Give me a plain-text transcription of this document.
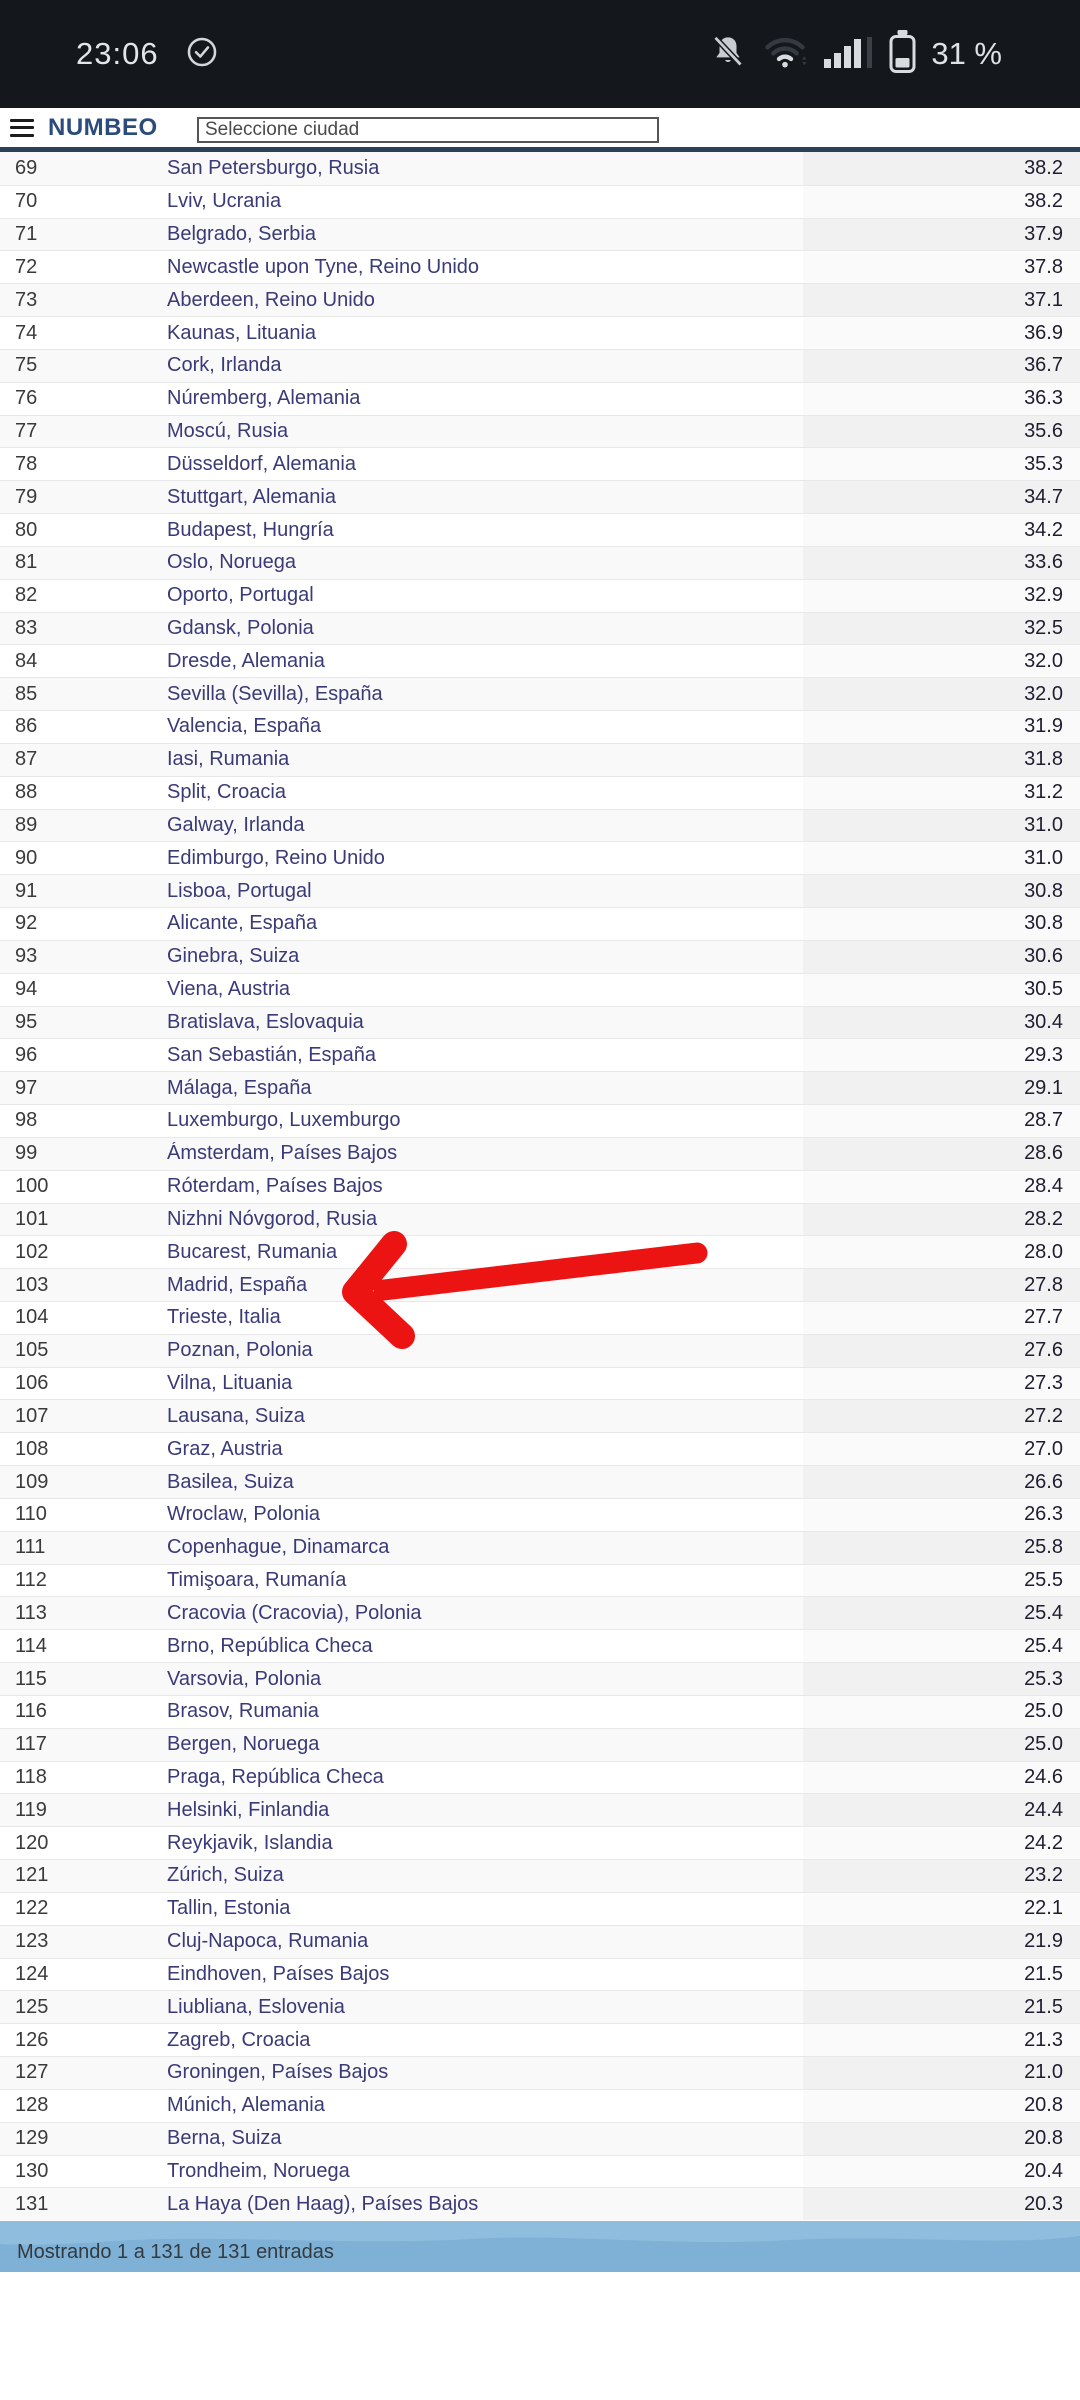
23:06	31 %
NUMBEO
Seleccione ciudad
69	San Petersburgo, Rusia	38.2
70	Lviv, Ucrania	38.2
71	Belgrado, Serbia	37.9
72	Newcastle upon Tyne, Reino Unido	37.8
73	Aberdeen, Reino Unido	37.1
74	Kaunas, Lituania	36.9
75	Cork, Irlanda	36.7
76	Núremberg, Alemania	36.3
77	Moscú, Rusia	35.6
78	Düsseldorf, Alemania	35.3
79	Stuttgart, Alemania	34.7
80	Budapest, Hungría	34.2
81	Oslo, Noruega	33.6
82	Oporto, Portugal	32.9
83	Gdansk, Polonia	32.5
84	Dresde, Alemania	32.0
85	Sevilla (Sevilla), España	32.0
86	Valencia, España	31.9
87	Iasi, Rumania	31.8
88	Split, Croacia	31.2
89	Galway, Irlanda	31.0
90	Edimburgo, Reino Unido	31.0
91	Lisboa, Portugal	30.8
92	Alicante, España	30.8
93	Ginebra, Suiza	30.6
94	Viena, Austria	30.5
95	Bratislava, Eslovaquia	30.4
96	San Sebastián, España	29.3
97	Málaga, España	29.1
98	Luxemburgo, Luxemburgo	28.7
99	Ámsterdam, Países Bajos	28.6
100	Róterdam, Países Bajos	28.4
101	Nizhni Nóvgorod, Rusia	28.2
102	Bucarest, Rumania	28.0
103	Madrid, España	27.8
104	Trieste, Italia	27.7
105	Poznan, Polonia	27.6
106	Vilna, Lituania	27.3
107	Lausana, Suiza	27.2
108	Graz, Austria	27.0
109	Basilea, Suiza	26.6
110	Wroclaw, Polonia	26.3
111	Copenhague, Dinamarca	25.8
112	Timişoara, Rumanía	25.5
113	Cracovia (Cracovia), Polonia	25.4
114	Brno, República Checa	25.4
115	Varsovia, Polonia	25.3
116	Brasov, Rumania	25.0
117	Bergen, Noruega	25.0
118	Praga, República Checa	24.6
119	Helsinki, Finlandia	24.4
120	Reykjavik, Islandia	24.2
121	Zúrich, Suiza	23.2
122	Tallin, Estonia	22.1
123	Cluj-Napoca, Rumania	21.9
124	Eindhoven, Países Bajos	21.5
125	Liubliana, Eslovenia	21.5
126	Zagreb, Croacia	21.3
127	Groningen, Países Bajos	21.0
128	Múnich, Alemania	20.8
129	Berna, Suiza	20.8
130	Trondheim, Noruega	20.4
131	La Haya (Den Haag), Países Bajos	20.3
Mostrando 1 a 131 de 131 entradas
